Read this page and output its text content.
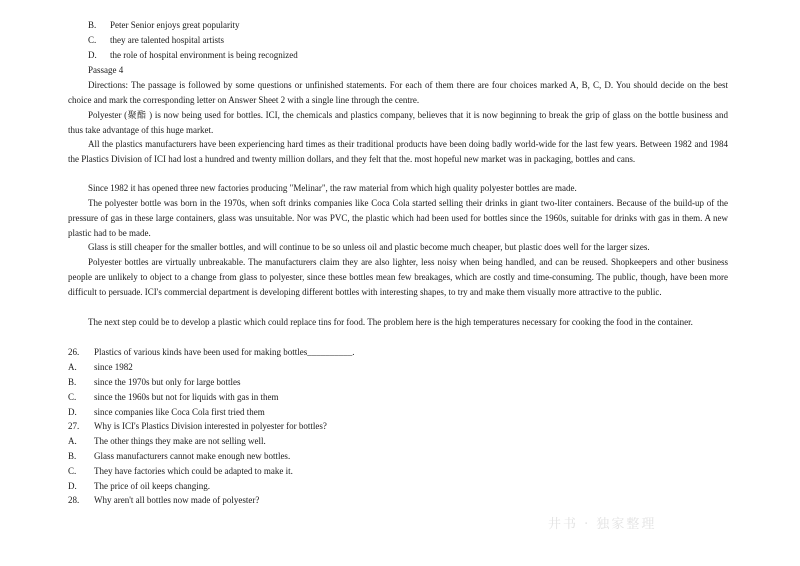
​
B. Peter Senior enjoys great popularity
C. they are talented hospital artists
D. the role of hospital environment is being recognized
Passage 4
Directions: The passage is followed by some questions or unfinished statements. For each of them there are four choices marked A, B, C, D. You should decide on the best choice and mark the corresponding letter on Answer Sheet 2 with a single line through the centre.
Polyester (聚酯 ) is now being used for bottles. ICI, the chemicals and plastics company, believes that it is now beginning to break the grip of glass on the bottle business and thus take advantage of this huge market.
All the plastics manufacturers have been experiencing hard times as their traditional products have been doing badly world-wide for the last few years. Between 1982 and 1984 the Plastics Division of ICI had lost a hundred and twenty million dollars, and they felt that the. most hopeful new market was in packaging, bottles and cans.
Since 1982 it has opened three new factories producing "Melinar", the raw material from which high quality polyester bottles are made.
The polyester bottle was born in the 1970s, when soft drinks companies like Coca Cola started selling their drinks in giant two-liter containers. Because of the build-up of the pressure of gas in these large containers, glass was unsuitable. Nor was PVC, the plastic which had been used for bottles since the 1960s, suitable for drinks with gas in them. A new plastic had to be made.
Glass is still cheaper for the smaller bottles, and will continue to be so unless oil and plastic become much cheaper, but plastic does well for the larger sizes.
Polyester bottles are virtually unbreakable. The manufacturers claim they are also lighter, less noisy when being handled, and can be reused. Shopkeepers and other business people are unlikely to object to a change from glass to polyester, since these bottles mean few breakages, which are costly and time-consuming. The public, though, have been more difficult to persuade. ICI's commercial department is developing different bottles with interesting shapes, to try and make them visually more attractive to the public.
The next step could be to develop a plastic which could replace tins for food. The problem here is the high temperatures necessary for cooking the food in the container.
26. Plastics of various kinds have been used for making bottles__________.
A. since 1982
B. since the 1970s but only for large bottles
C. since the 1960s but not for liquids with gas in them
D. since companies like Coca Cola first tried them
27. Why is ICI's Plastics Division interested in polyester for bottles?
A. The other things they make are not selling well.
B. Glass manufacturers cannot make enough new bottles.
C. They have factories which could be adapted to make it.
D. The price of oil keeps changing.
28. Why aren't all bottles now made of polyester?
井书 · 独家整理
